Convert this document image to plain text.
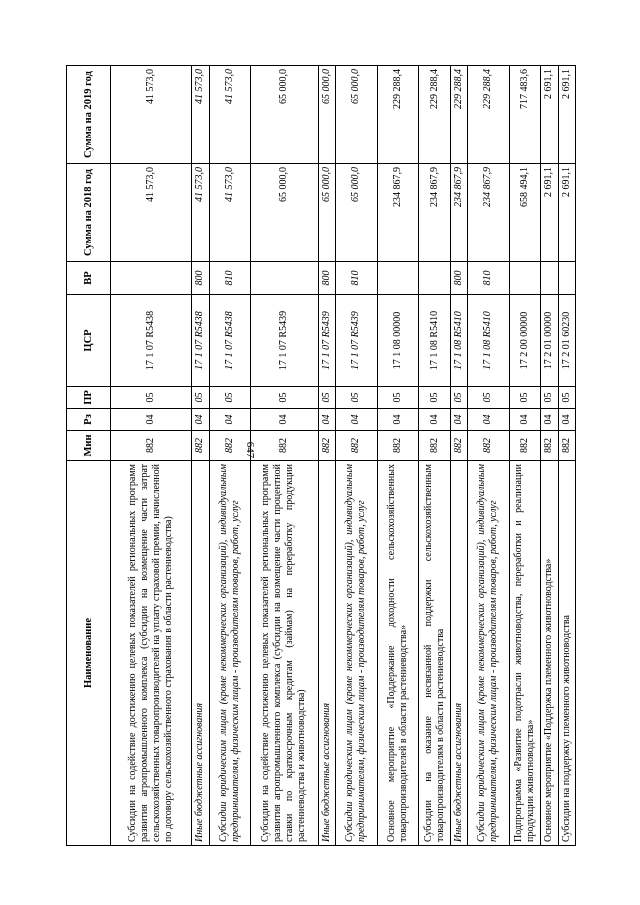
647
Наименование	Мин	Рз	ПР	ЦСР	ВР	Сумма на 2018 год	Сумма на 2019 год
Субсидии на содействие достижению целевых показателей региональных программ развития агропромышленного комплекса (субсидии на возмещение части затрат сельскохозяйственных товаропроизводителей на уплату страховой премии, начисленной по договору сельскохозяйственного страхования в области растениеводства)	882	04	05	17 1 07 R5438		41 573,0	41 573,0
Иные бюджетные ассигнования	882	04	05	17 1 07 R5438	800	41 573,0	41 573,0
Субсидии юридическим лицам (кроме некоммерческих организаций), индивидуальным предпринимателям, физическим лицам - производителям товаров, работ, услуг	882	04	05	17 1 07 R5438	810	41 573,0	41 573,0
Субсидии на содействие достижению целевых показателей региональных программ развития агропромышленного комплекса (субсидии на возмещение части процентной ставки по краткосрочным кредитам (займам) на переработку продукции растениеводства и животноводства)	882	04	05	17 1 07 R5439		65 000,0	65 000,0
Иные бюджетные ассигнования	882	04	05	17 1 07 R5439	800	65 000,0	65 000,0
Субсидии юридическим лицам (кроме некоммерческих организаций), индивидуальным предпринимателям, физическим лицам - производителям товаров, работ, услуг	882	04	05	17 1 07 R5439	810	65 000,0	65 000,0
Основное мероприятие «Поддержание доходности сельскохозяйственных товаропроизводителей в области растениеводства»	882	04	05	17 1 08 00000		234 867,9	229 288,4
Субсидии на оказание несвязанной поддержки сельскохозяйственным товаропроизводителям в области растениеводства	882	04	05	17 1 08 R5410		234 867,9	229 288,4
Иные бюджетные ассигнования	882	04	05	17 1 08 R5410	800	234 867,9	229 288,4
Субсидии юридическим лицам (кроме некоммерческих организаций), индивидуальным предпринимателям, физическим лицам - производителям товаров, работ, услуг	882	04	05	17 1 08 R5410	810	234 867,9	229 288,4
Подпрограмма «Развитие подотрасли животноводства, переработки и реализации продукции животноводства»	882	04	05	17 2 00 00000		658 494,1	717 483,6
Основное мероприятие «Поддержка племенного животноводства»	882	04	05	17 2 01 00000		2 691,1	2 691,1
Субсидии на поддержку племенного животноводства	882	04	05	17 2 01 60230		2 691,1	2 691,1
